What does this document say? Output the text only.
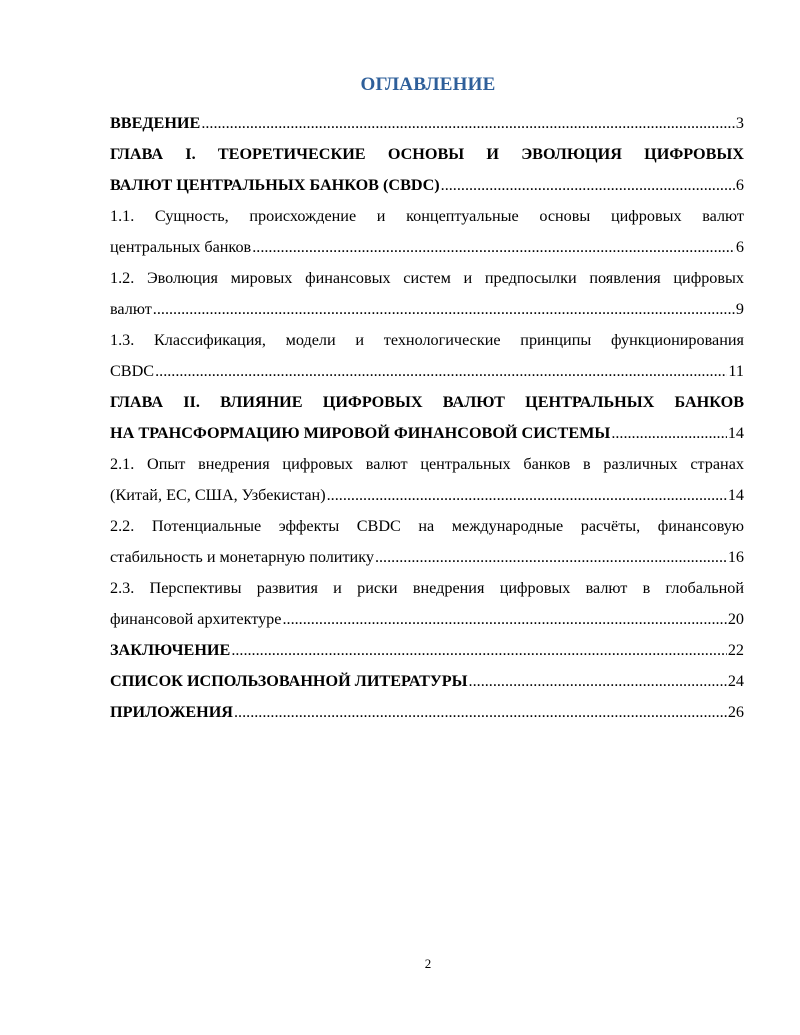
ОГЛАВЛЕНИЕ
ВВЕДЕНИЕ .....	3
ГЛАВА I. ТЕОРЕТИЧЕСКИЕ ОСНОВЫ И ЭВОЛЮЦИЯ ЦИФРОВЫХ
ВАЛЮТ ЦЕНТРАЛЬНЫХ БАНКОВ (CBDC) .....	6
1.1. Сущность, происхождение и концептуальные основы цифровых валют
центральных банков .....	6
1.2. Эволюция мировых финансовых систем и предпосылки появления цифровых
валют .....	9
1.3. Классификация, модели и технологические принципы функционирования
CBDC .....	11
ГЛАВА II. ВЛИЯНИЕ ЦИФРОВЫХ ВАЛЮТ ЦЕНТРАЛЬНЫХ БАНКОВ
НА ТРАНСФОРМАЦИЮ МИРОВОЙ ФИНАНСОВОЙ СИСТЕМЫ .....	14
2.1. Опыт внедрения цифровых валют центральных банков в различных странах
(Китай, ЕС, США, Узбекистан) .....	14
2.2. Потенциальные эффекты CBDC на международные расчёты, финансовую
стабильность и монетарную политику .....	16
2.3. Перспективы развития и риски внедрения цифровых валют в глобальной
финансовой архитектуре .....	20
ЗАКЛЮЧЕНИЕ .....	22
СПИСОК ИСПОЛЬЗОВАННОЙ ЛИТЕРАТУРЫ .....	24
ПРИЛОЖЕНИЯ .....	26
2
